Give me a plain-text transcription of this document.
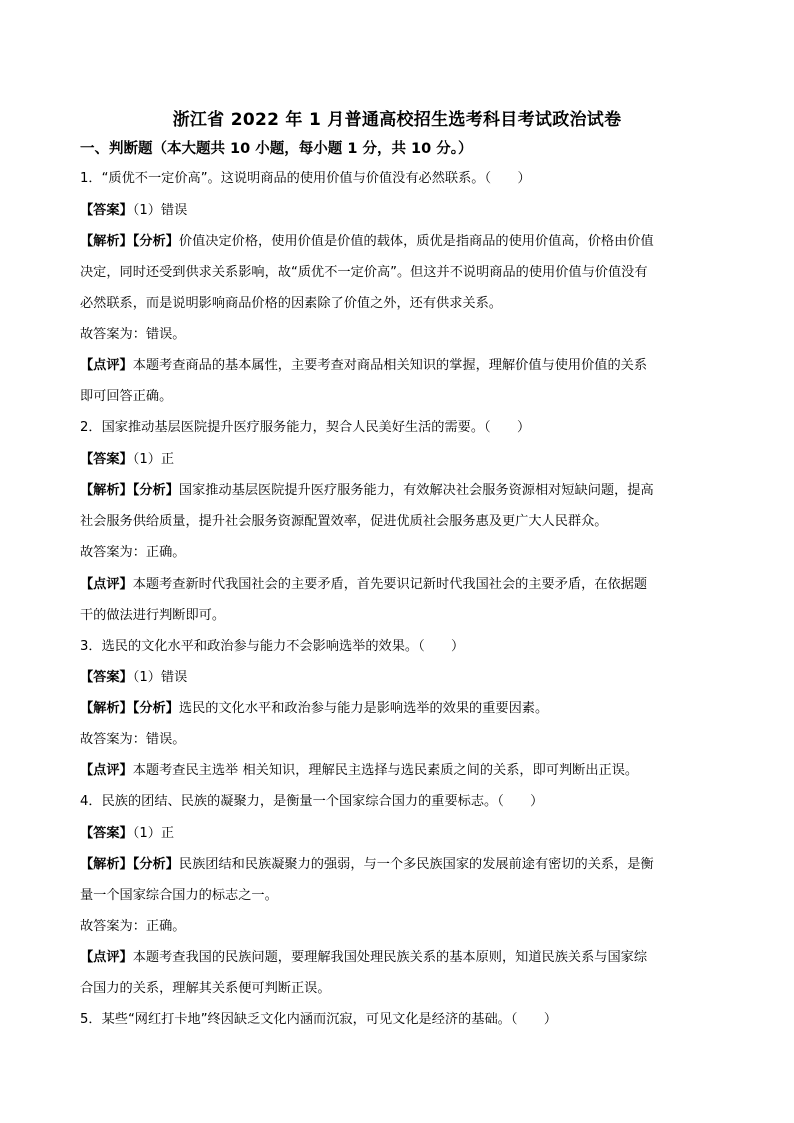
浙江省 2022 年 1 月普通高校招生选考科目考试政治试卷
一、判断题（本大题共 10 小题，每小题 1 分，共 10 分。）
1．“质优不一定价高”。这说明商品的使用价值与价值没有必然联系。（　　）
【答案】（1）错误
【解析】【分析】价值决定价格，使用价值是价值的载体，质优是指商品的使用价值高，价格由价值
决定，同时还受到供求关系影响，故“质优不一定价高”。但这并不说明商品的使用价值与价值没有
必然联系，而是说明影响商品价格的因素除了价值之外，还有供求关系。
故答案为：错误。
【点评】本题考查商品的基本属性，主要考查对商品相关知识的掌握，理解价值与使用价值的关系
即可回答正确。
2．国家推动基层医院提升医疗服务能力，契合人民美好生活的需要。（　　）
【答案】（1）正
【解析】【分析】国家推动基层医院提升医疗服务能力，有效解决社会服务资源相对短缺问题，提高
社会服务供给质量，提升社会服务资源配置效率，促进优质社会服务惠及更广大人民群众。
故答案为：正确。
【点评】本题考查新时代我国社会的主要矛盾，首先要识记新时代我国社会的主要矛盾，在依据题
干的做法进行判断即可。
3．选民的文化水平和政治参与能力不会影响选举的效果。（　　）
【答案】（1）错误
【解析】【分析】选民的文化水平和政治参与能力是影响选举的效果的重要因素。
故答案为：错误。
【点评】本题考查民主选举 相关知识，理解民主选择与选民素质之间的关系，即可判断出正误。
4．民族的团结、民族的凝聚力，是衡量一个国家综合国力的重要标志。（　　）
【答案】（1）正
【解析】【分析】民族团结和民族凝聚力的强弱，与一个多民族国家的发展前途有密切的关系，是衡
量一个国家综合国力的标志之一。
故答案为：正确。
【点评】本题考查我国的民族问题，要理解我国处理民族关系的基本原则，知道民族关系与国家综
合国力的关系，理解其关系便可判断正误。
5．某些“网红打卡地”终因缺乏文化内涵而沉寂，可见文化是经济的基础。（　　）
